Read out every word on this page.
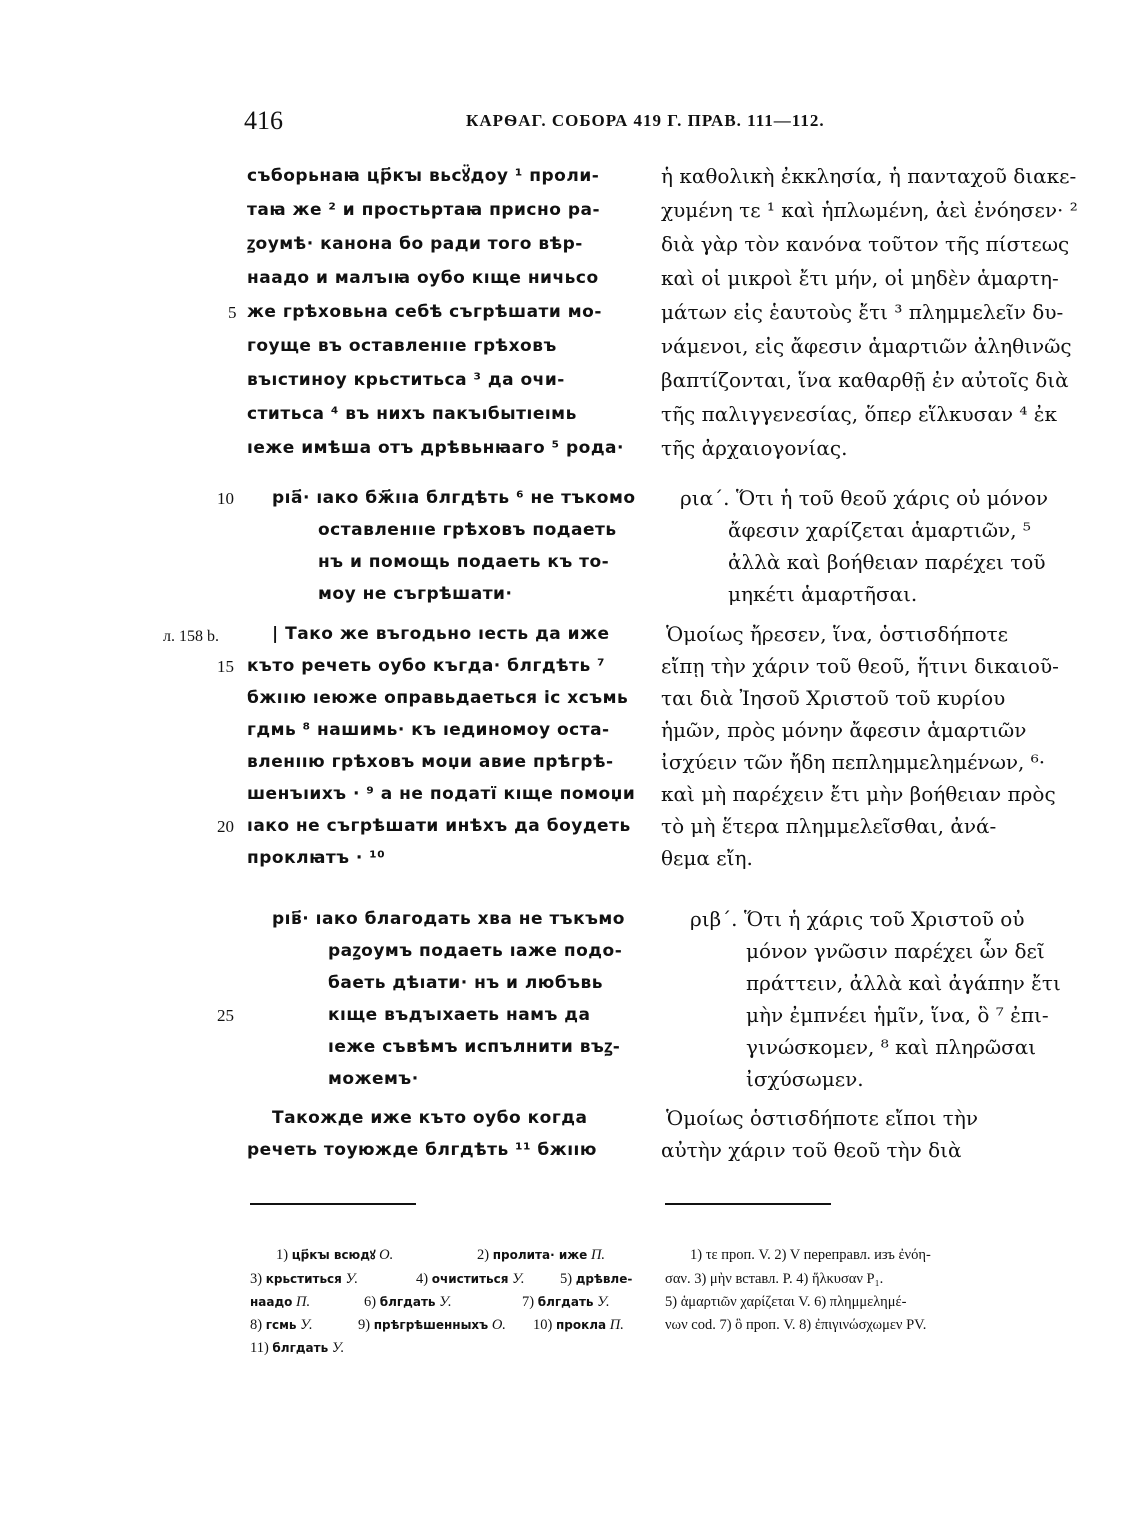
416	КАРѲАГ. СОБОРА 419 Г. ПРАВ. 111—112.
съборьнаꙗ цр҃кꙑ вьсꙋ̈доу ¹ проли-
таꙗ же ² и простьртаꙗ присно ра-
ꙁоумѣ· канона бо ради того вѣр-
наадо и малъıꙗ оубо кıще ничьсо
же грѣховьна себѣ съгрѣшати мо-
гоуще въ оставленııе грѣховъ
въıстиноу крьститьса ³ да очи-
ститьса ⁴ въ нихъ пакъıбытıеıмь
ıеже имѣша отъ дрѣвьнꙗаго ⁵ рода·
рıа҃· ıако бж҃ııа блгдѣть ⁶ не тъкомо
оставленııе грѣховъ подаеть
нъ и помощь подаеть къ то-
моу не съгрѣшати·
| Тако же въгодьно ıесть да иже
къто речеть оубо къгда· блгдѣть ⁷
бжııю ıеюже оправьдаеться іс хсъмь
гдмь ⁸ нашимь· къ ıединомоу оста-
вленııю грѣховъ моџи авие прѣгрѣ-
шенъıихъ · ⁹ а не податї кıще помоџи
ıако не съгрѣшати инѣхъ да боудеть
проклꙗтъ · ¹⁰
рıв҃· ıако благодать хва не тъкъмо
раꙁоумъ подаеть ıаже подо-
баеть дѣıати· нъ и любъвь
кıще въдъıхаеть намъ да
ıеже съвѣмъ испълнити въꙁ-
можемъ·
Такожде иже къто оубо когда
речеть тоуюжде блгдѣть ¹¹ бжııю
5
10
15
20
25
л. 158 b.
ἡ καθολικὴ ἐκκλησία, ἡ πανταχοῦ διακε-
χυμένη τε ¹ καὶ ἡπλωμένη, ἀεὶ ἐνόησεν· ²
διὰ γὰρ τὸν κανόνα τοῦτον τῆς πίστεως
καὶ οἱ μικροὶ ἔτι μήν, οἱ μηδὲν ἁμαρτη-
μάτων εἰς ἑαυτοὺς ἔτι ³ πλημμελεῖν δυ-
νάμενοι, εἰς ἄφεσιν ἁμαρτιῶν ἀληθινῶς
βαπτίζονται, ἵνα καθαρθῇ ἐν αὐτοῖς διὰ
τῆς παλιγγενεσίας, ὅπερ εἵλκυσαν ⁴ ἐκ
τῆς ἀρχαιογονίας.
ρια´. Ὅτι ἡ τοῦ θεοῦ χάρις οὐ μόνον
ἄφεσιν χαρίζεται ἁμαρτιῶν, ⁵
ἀλλὰ καὶ βοήθειαν παρέχει τοῦ
μηκέτι ἁμαρτῆσαι.
Ὁμοίως ἤρεσεν, ἵνα, ὁστισδήποτε
εἴπῃ τὴν χάριν τοῦ θεοῦ, ἥτινι δικαιοῦ-
ται διὰ Ἰησοῦ Χριστοῦ τοῦ κυρίου
ἡμῶν, πρὸς μόνην ἄφεσιν ἁμαρτιῶν
ἰσχύειν τῶν ἤδη πεπλημμελημένων, ⁶·
καὶ μὴ παρέχειν ἔτι μὴν βοήθειαν πρὸς
τὸ μὴ ἕτερα πλημμελεῖσθαι, ἀνά-
θεμα εἴη.
ριβ´. Ὅτι ἡ χάρις τοῦ Χριστοῦ οὐ
μόνον γνῶσιν παρέχει ὧν δεῖ
πράττειν, ἀλλὰ καὶ ἀγάπην ἔτι
μὴν ἐμπνέει ἡμῖν, ἵνα, ὃ ⁷ ἐπι-
γινώσκομεν, ⁸ καὶ πληρῶσαι
ἰσχύσωμεν.
Ὁμοίως ὁστισδήποτε εἴποι τὴν
αὐτὴν χάριν τοῦ θεοῦ τὴν διὰ
1) цр҃кꙑ всюдꙋ О.	2) пролита· иже П.
3) крьститься У.	4) очиститься У. 5) дрѣвле-
наадо П.	6) блгдать У.	7) блгдать У.
8) гсмь У.	9) прѣгрѣшенныхъ О. 10) прокла П.
11) блгдать У.
1) τε проп. V. 2) V перепpавл. изъ ἐνόη-
σαν. 3) μὴν встaвл. P. 4) ἥλκυσαν P₁.
5) ἁμαρτιῶν χαρίζεται V. 6) πλημμελημέ-
νων cod. 7) ὃ проп. V. 8) ἐπιγινώσχωμεν PV.
